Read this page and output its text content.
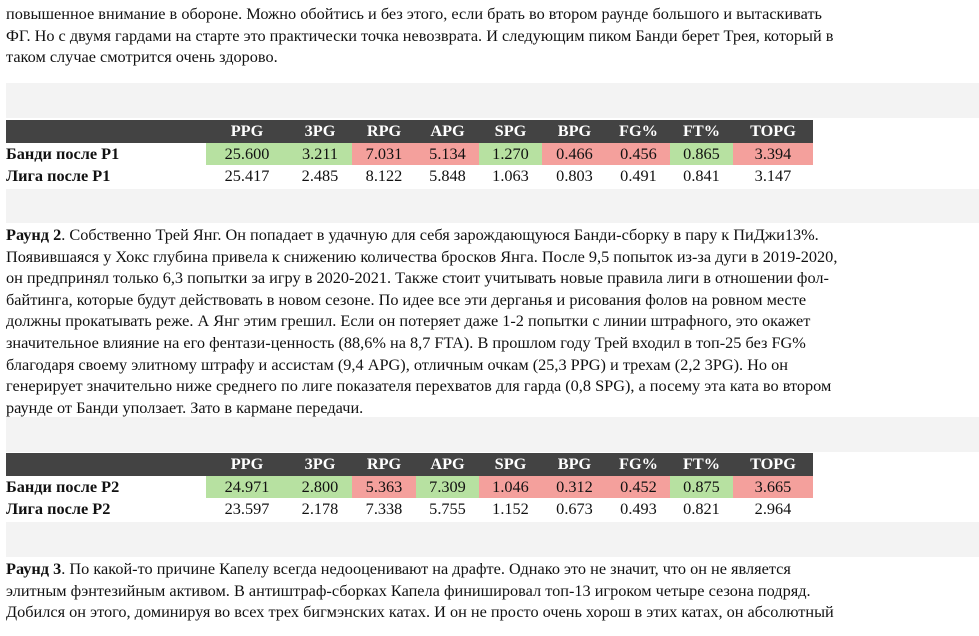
повышенное внимание в обороне. Можно обойтись и без этого, если брать во втором раунде большого и вытаскивать
ФГ. Но с двумя гардами на старте это практически точка невозврата. И следующим пиком Банди берет Трея, который в
таком случае смотрится очень здорово.

	PPG	3PG	RPG	APG	SPG	BPG	FG%	FT%	TOPG
Банди после Р1	25.600	3.211	7.031	5.134	1.270	0.466	0.456	0.865	3.394
Лига после Р1	25.417	2.485	8.122	5.848	1.063	0.803	0.491	0.841	3.147

Раунд 2. Собственно Трей Янг. Он попадает в удачную для себя зарождающуюся Банди-сборку в пару к ПиДжи13%.
Появившаяся у Хокс глубина привела к снижению количества бросков Янга. После 9,5 попыток из-за дуги в 2019-2020,
он предпринял только 6,3 попытки за игру в 2020-2021. Также стоит учитывать новые правила лиги в отношении фол-
байтинга, которые будут действовать в новом сезоне. По идее все эти дерганья и рисования фолов на ровном месте
должны прокатывать реже. А Янг этим грешил. Если он потеряет даже 1-2 попытки с линии штрафного, это окажет
значительное влияние на его фентази-ценность (88,6% на 8,7 FTA). В прошлом году Трей входил в топ-25 без FG%
благодаря своему элитному штрафу и ассистам (9,4 APG), отличным очкам (25,3 PPG) и трехам (2,2 3PG). Но он
генерирует значительно ниже среднего по лиге показателя перехватов для гарда (0,8 SPG), а посему эта ката во втором
раунде от Банди уползает. Зато в кармане передачи.

	PPG	3PG	RPG	APG	SPG	BPG	FG%	FT%	TOPG
Банди после Р2	24.971	2.800	5.363	7.309	1.046	0.312	0.452	0.875	3.665
Лига после Р2	23.597	2.178	7.338	5.755	1.152	0.673	0.493	0.821	2.964

Раунд 3. По какой-то причине Капелу всегда недооценивают на драфте. Однако это не значит, что он не является
элитным фэнтезийным активом. В антиштраф-сборках Капела финишировал топ-13 игроком четыре сезона подряд.
Добился он этого, доминируя во всех трех бигмэнских катах. И он не просто очень хорош в этих катах, он абсолютный
